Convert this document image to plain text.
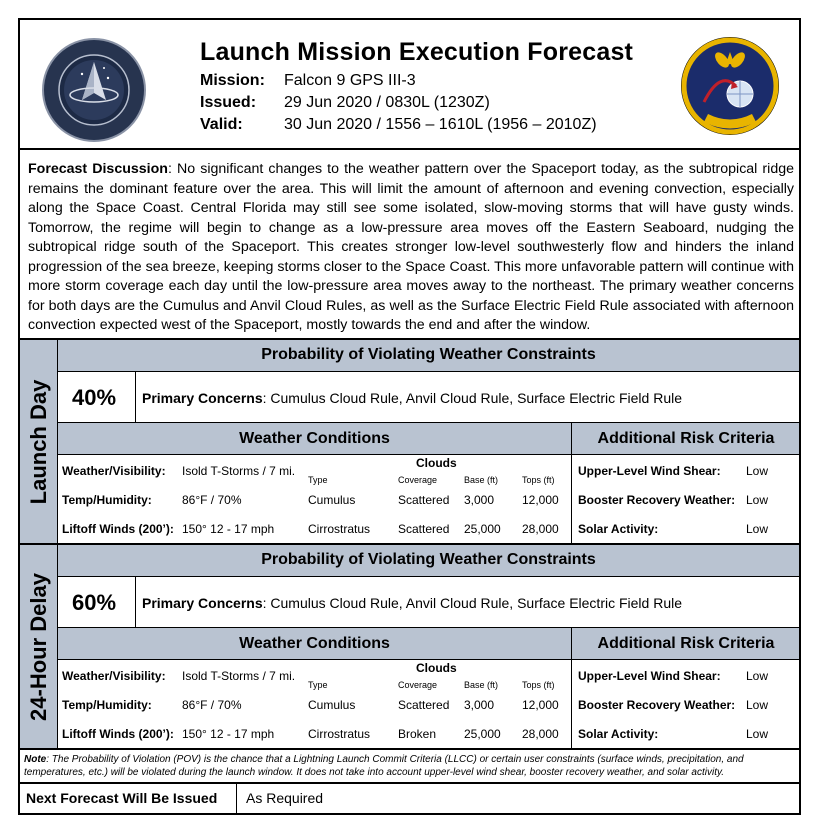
Launch Mission Execution Forecast
Mission: Falcon 9 GPS III-3
Issued: 29 Jun 2020 / 0830L (1230Z)
Valid:	30 Jun 2020 / 1556 – 1610L (1956 – 2010Z)
Forecast Discussion: No significant changes to the weather pattern over the Spaceport today, as the subtropical ridge remains the dominant feature over the area. This will limit the amount of afternoon and evening convection, especially along the Space Coast. Central Florida may still see some isolated, slow-moving storms that will have gusty winds. Tomorrow, the regime will begin to change as a low-pressure area moves off the Eastern Seaboard, nudging the subtropical ridge south of the Spaceport. This creates stronger low-level southwesterly flow and hinders the inland progression of the sea breeze, keeping storms closer to the Space Coast. This more unfavorable pattern will continue with more storm coverage each day until the low-pressure area moves away to the northeast. The primary weather concerns for both days are the Cumulus and Anvil Cloud Rules, as well as the Surface Electric Field Rule associated with afternoon convection expected west of the Spaceport, mostly towards the end and after the window.
Launch Day
Probability of Violating Weather Constraints
40% Primary Concerns: Cumulus Cloud Rule, Anvil Cloud Rule, Surface Electric Field Rule
Weather Conditions	Additional Risk Criteria
Weather/Visibility: Isold T-Storms / 7 mi.
Temp/Humidity:	86°F / 70%
Liftoff Winds (200’): 150° 12 - 17 mph
Clouds
Type	Coverage	Base (ft)	Tops (ft)
Cumulus	Scattered 3,000 12,000
Cirrostratus Scattered 25,000 28,000
Upper-Level Wind Shear: Low
Booster Recovery Weather: Low
Solar Activity:	Low
24-Hour Delay
Probability of Violating Weather Constraints
60% Primary Concerns: Cumulus Cloud Rule, Anvil Cloud Rule, Surface Electric Field Rule
Weather Conditions	Additional Risk Criteria
Weather/Visibility: Isold T-Storms / 7 mi.
Temp/Humidity:	86°F / 70%
Liftoff Winds (200’): 150° 12 - 17 mph
Clouds
Type	Coverage	Base (ft)	Tops (ft)
Cumulus	Scattered 3,000 12,000
Cirrostratus Broken 25,000 28,000
Upper-Level Wind Shear: Low
Booster Recovery Weather: Low
Solar Activity:	Low
Note: The Probability of Violation (POV) is the chance that a Lightning Launch Commit Criteria (LLCC) or certain user constraints (surface winds, precipitation, and temperatures, etc.) will be violated during the launch window. It does not take into account upper-level wind shear, booster recovery weather, and solar activity.
Next Forecast Will Be Issued As Required
